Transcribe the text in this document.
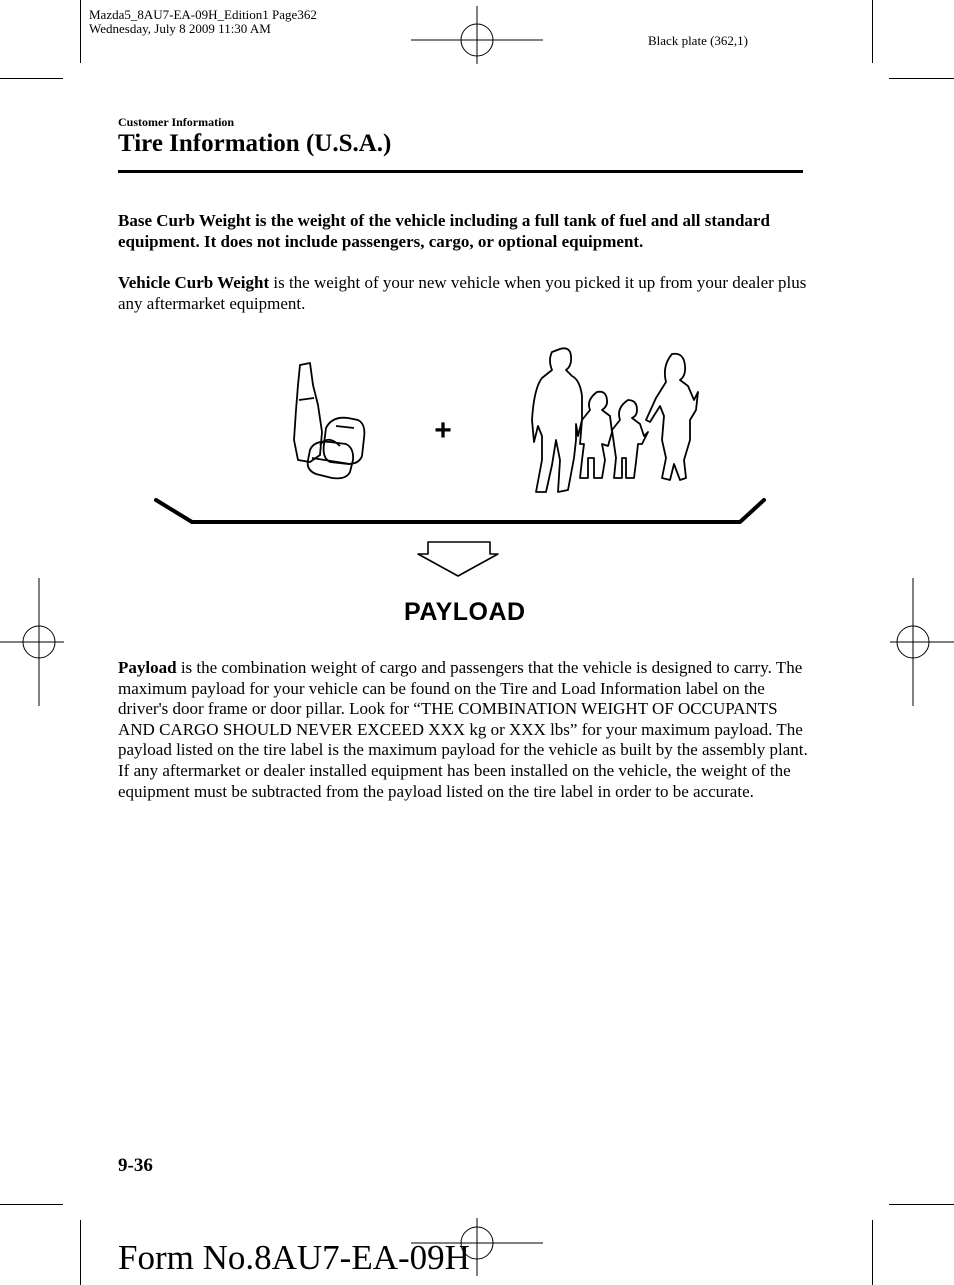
Mazda5_8AU7-EA-09H_Edition1 Page362
Wednesday, July 8 2009 11:30 AM
Black plate (362,1)
Customer Information
Tire Information (U.S.A.)
Base Curb Weight is the weight of the vehicle including a full tank of fuel and all standard equipment. It does not include passengers, cargo, or optional equipment.
Vehicle Curb Weight is the weight of your new vehicle when you picked it up from your dealer plus any aftermarket equipment.
+
PAYLOAD
Payload is the combination weight of cargo and passengers that the vehicle is designed to carry. The maximum payload for your vehicle can be found on the Tire and Load Information label on the driver's door frame or door pillar. Look for “THE COMBINATION WEIGHT OF OCCUPANTS AND CARGO SHOULD NEVER EXCEED XXX kg or XXX lbs” for your maximum payload. The payload listed on the tire label is the maximum payload for the vehicle as built by the assembly plant. If any aftermarket or dealer installed equipment has been installed on the vehicle, the weight of the equipment must be subtracted from the payload listed on the tire label in order to be accurate.
9-36
Form No.8AU7-EA-09H
